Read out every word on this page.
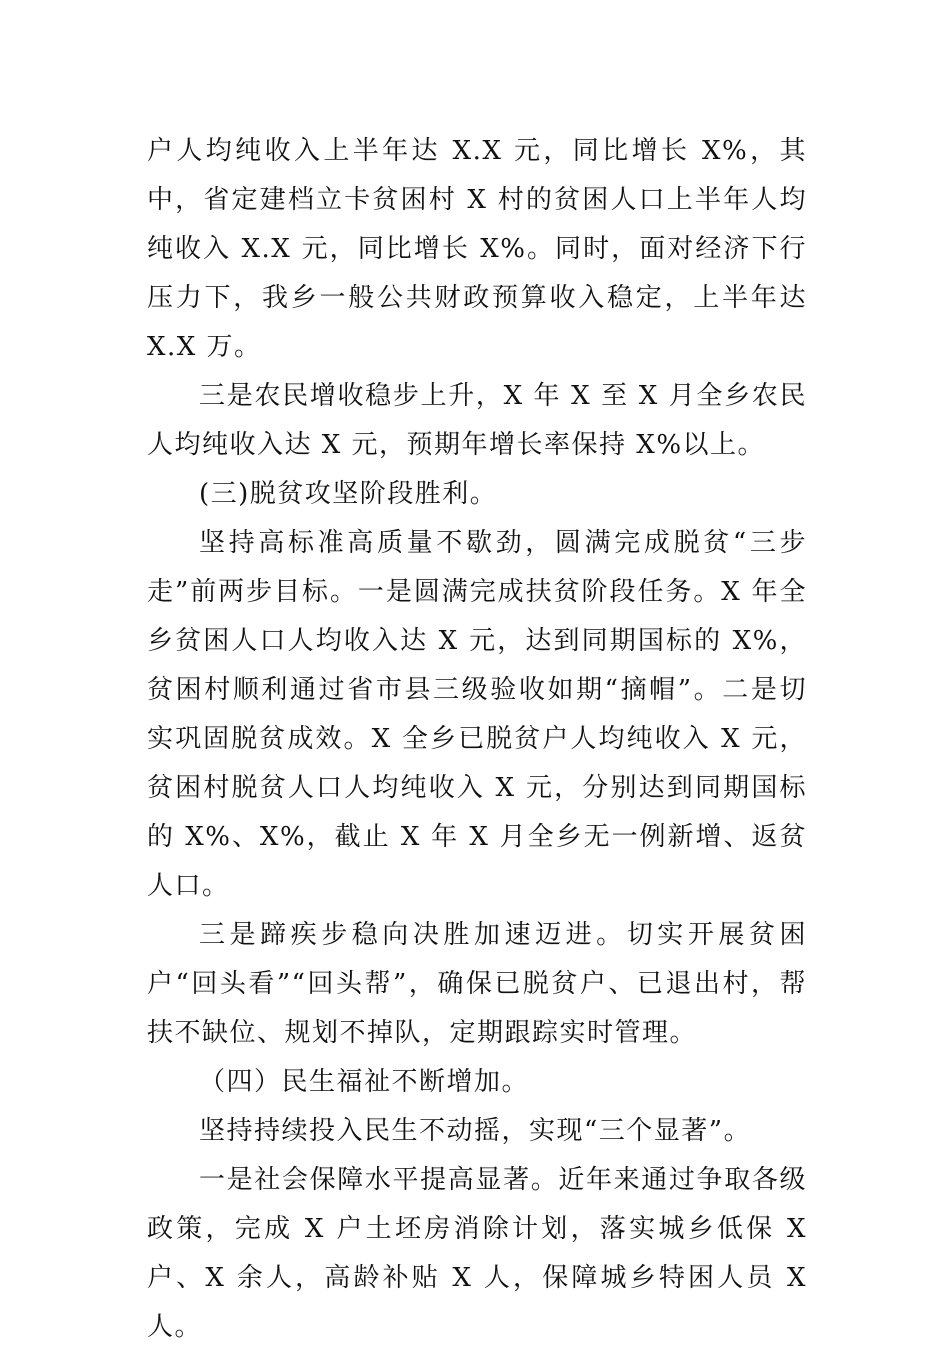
户人均纯收入上半年达 X.X 元，同比增长 X%，其中，省定建档立卡贫困村 X 村的贫困人口上半年人均纯收入 X.X 元，同比增长 X%。同时，面对经济下行压力下，我乡一般公共财政预算收入稳定，上半年达 X.X 万。

三是农民增收稳步上升，X 年 X 至 X 月全乡农民人均纯收入达 X 元，预期年增长率保持 X%以上。

(三)脱贫攻坚阶段胜利。

坚持高标准高质量不歇劲，圆满完成脱贫“三步走”前两步目标。一是圆满完成扶贫阶段任务。X 年全乡贫困人口人均收入达 X 元，达到同期国标的 X%，贫困村顺利通过省市县三级验收如期“摘帽”。二是切实巩固脱贫成效。X 全乡已脱贫户人均纯收入 X 元，贫困村脱贫人口人均纯收入 X 元，分别达到同期国标的 X%、X%，截止 X 年 X 月全乡无一例新增、返贫人口。

三是蹄疾步稳向决胜加速迈进。切实开展贫困户“回头看”“回头帮”，确保已脱贫户、已退出村，帮扶不缺位、规划不掉队，定期跟踪实时管理。

（四）民生福祉不断增加。

坚持持续投入民生不动摇，实现“三个显著”。

一是社会保障水平提高显著。近年来通过争取各级政策，完成 X 户土坯房消除计划，落实城乡低保 X 户、X 余人，高龄补贴 X 人，保障城乡特困人员 X 人。
